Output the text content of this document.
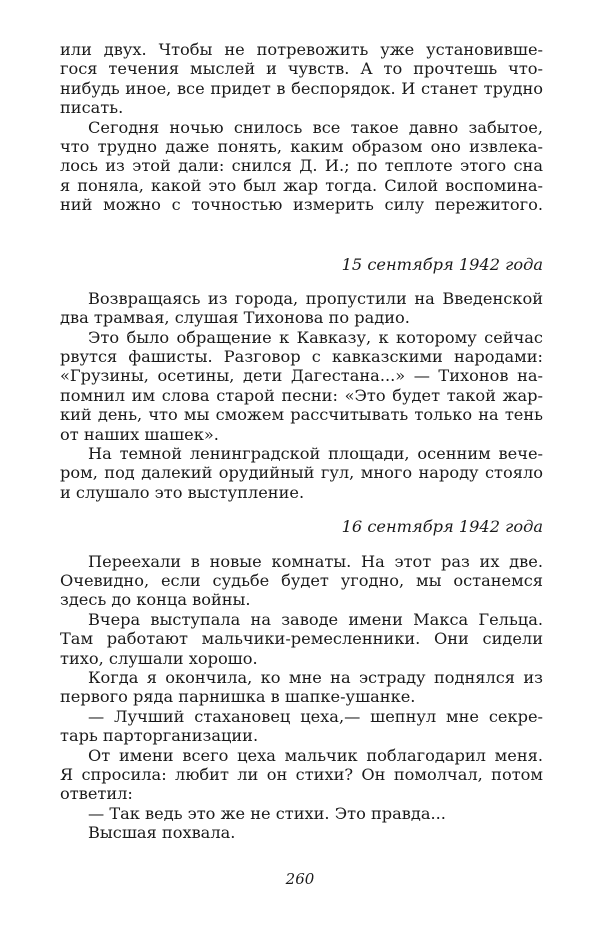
или двух. Чтобы не потревожить уже установивше-
гося течения мыслей и чувств. А то прочтешь что-
нибудь иное, все придет в беспорядок. И станет трудно
писать.
Сегодня ночью снилось все такое давно забытое,
что трудно даже понять, каким образом оно извлека-
лось из этой дали: снился Д. И.; по теплоте этого сна
я поняла, какой это был жар тогда. Силой воспомина-
ний можно с точностью измерить силу пережитого.
15 сентября 1942 года
Возвращаясь из города, пропустили на Введенской
два трамвая, слушая Тихонова по радио.
Это было обращение к Кавказу, к которому сейчас
рвутся фашисты. Разговор с кавказскими народами:
«Грузины, осетины, дети Дагестана...» — Тихонов на-
помнил им слова старой песни: «Это будет такой жар-
кий день, что мы сможем рассчитывать только на тень
от наших шашек».
На темной ленинградской площади, осенним вече-
ром, под далекий орудийный гул, много народу стояло
и слушало это выступление.
16 сентября 1942 года
Переехали в новые комнаты. На этот раз их две.
Очевидно, если судьбе будет угодно, мы останемся
здесь до конца войны.
Вчера выступала на заводе имени Макса Гельца.
Там работают мальчики-ремесленники. Они сидели
тихо, слушали хорошо.
Когда я окончила, ко мне на эстраду поднялся из
первого ряда парнишка в шапке-ушанке.
— Лучший стахановец цеха,— шепнул мне секре-
тарь парторганизации.
От имени всего цеха мальчик поблагодарил меня.
Я спросила: любит ли он стихи? Он помолчал, потом
ответил:
— Так ведь это же не стихи. Это правда...
Высшая похвала.
260
